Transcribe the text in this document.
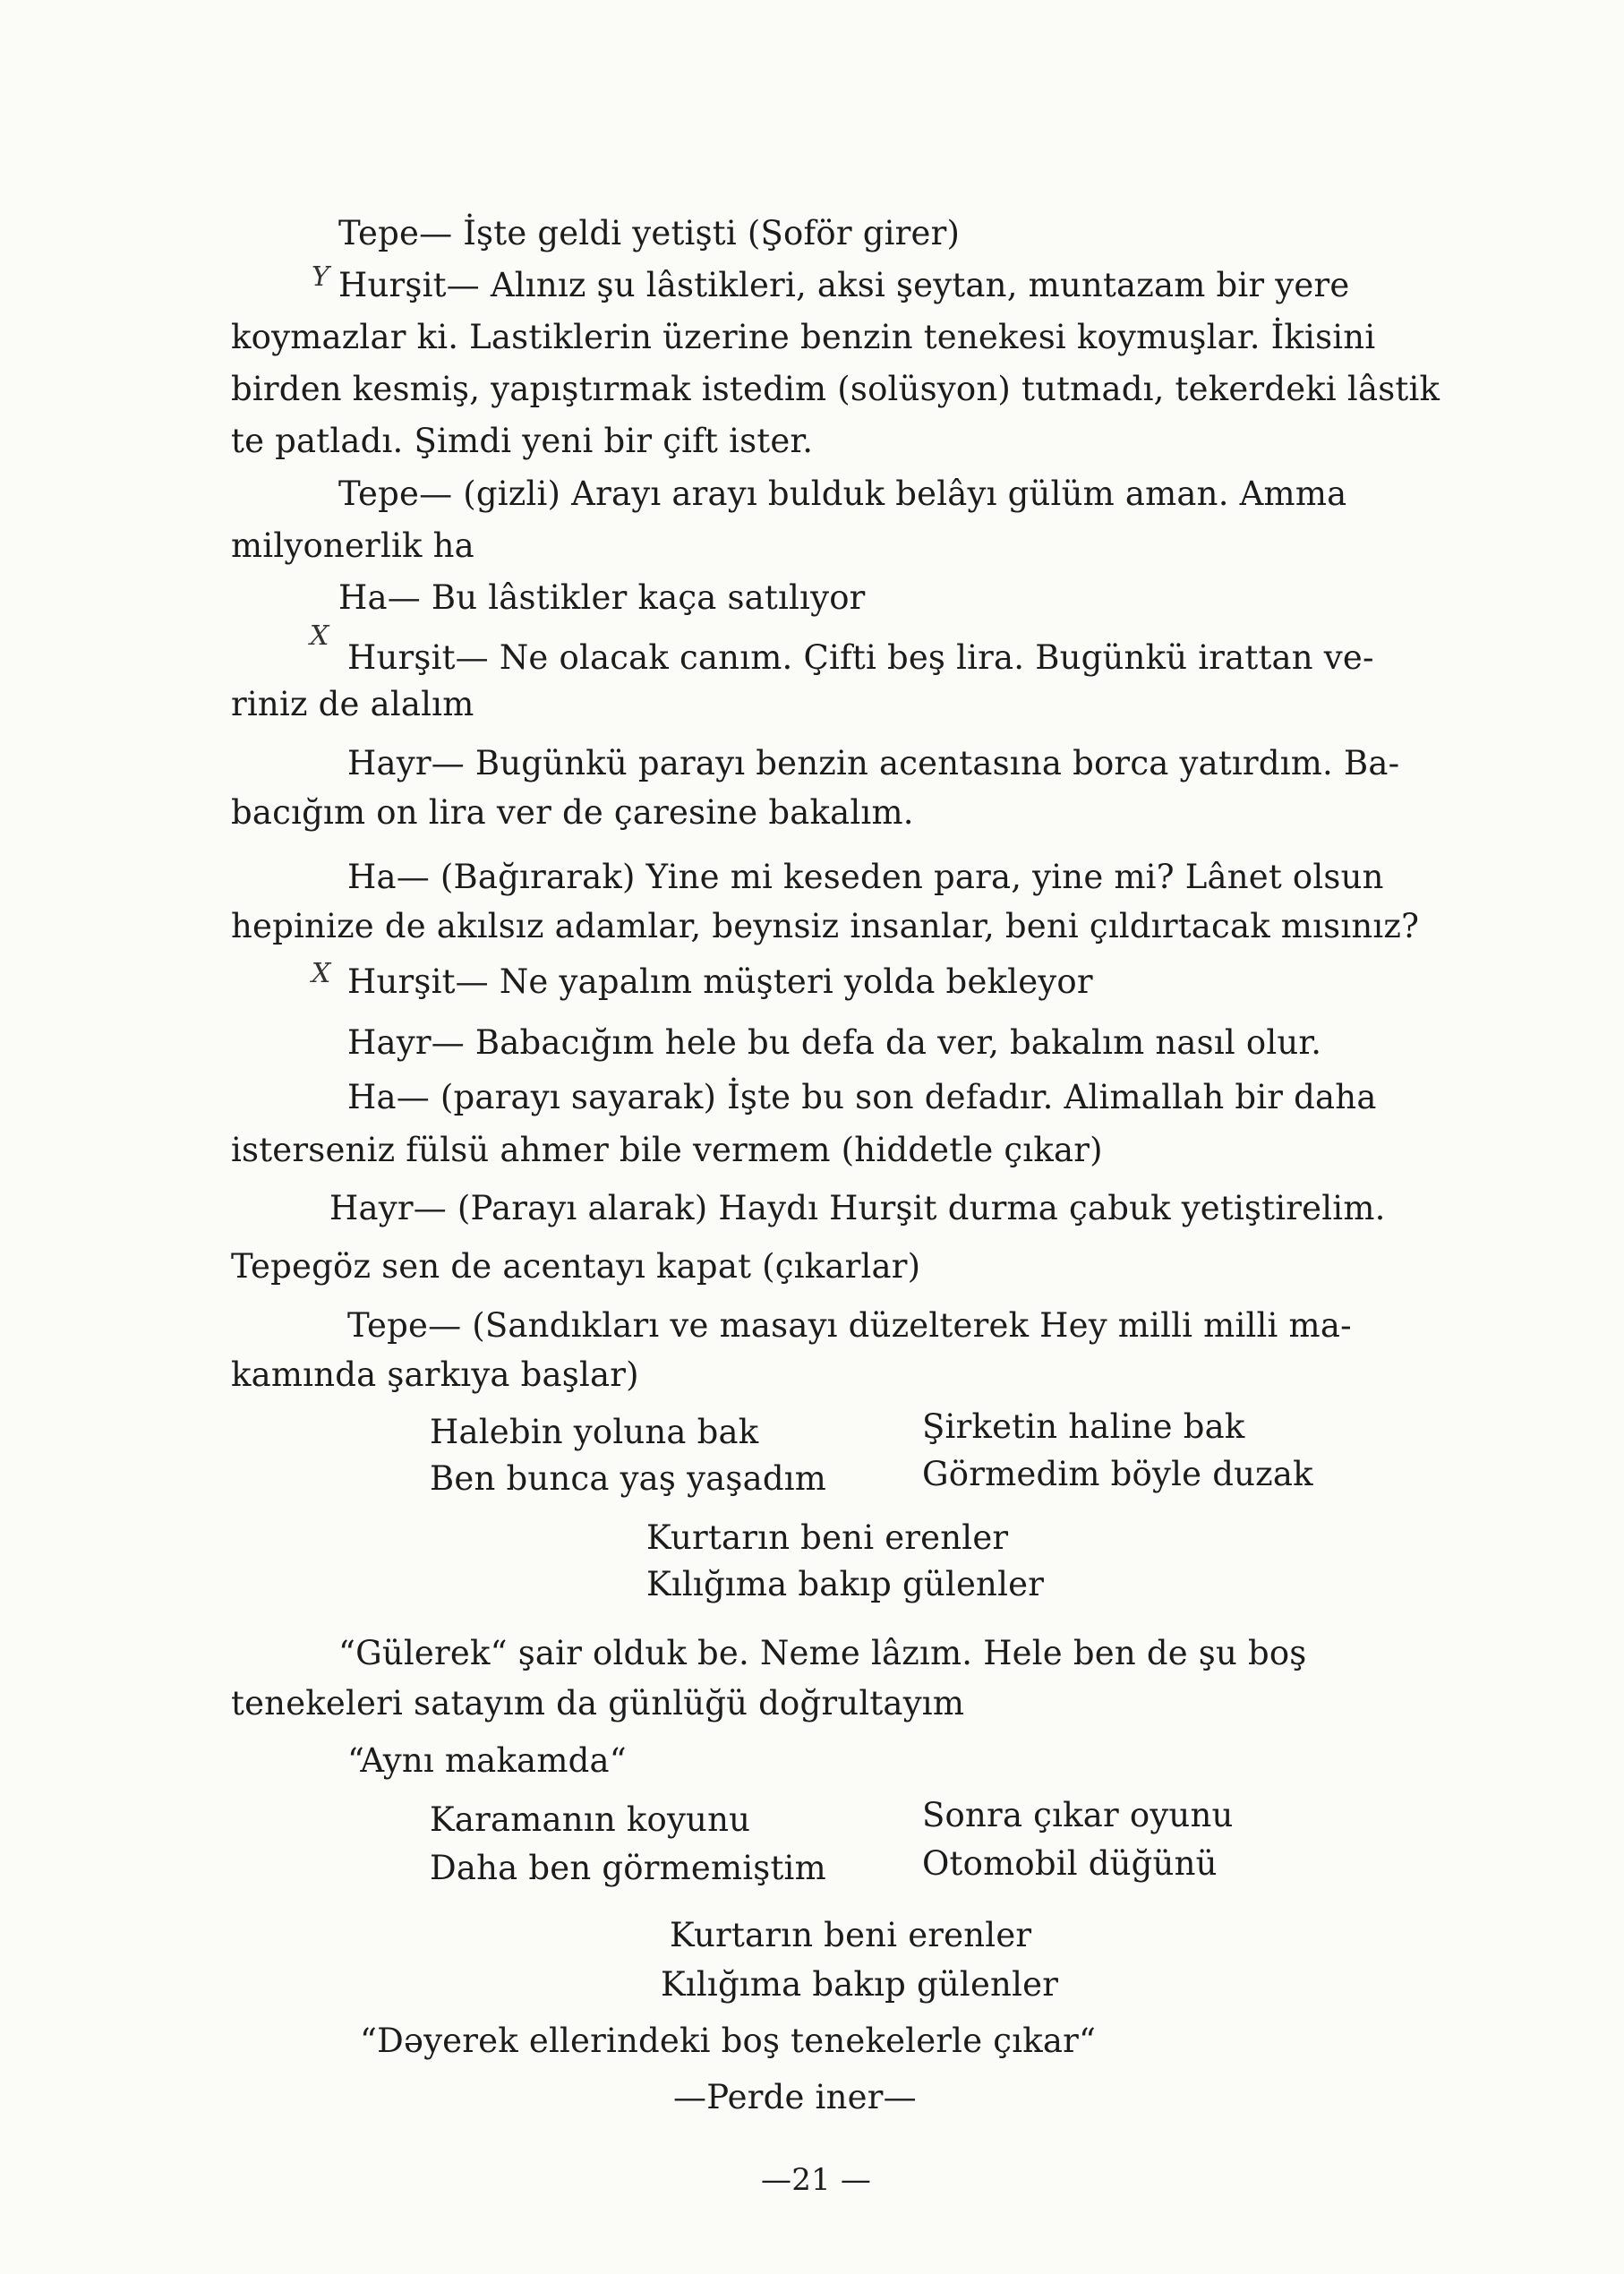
Y
X
X
Tepe— İşte geldi yetişti (Şoför girer)
Hurşit— Alınız şu lâstikleri, aksi şeytan, muntazam bir yere
koymazlar ki. Lastiklerin üzerine benzin tenekesi koymuşlar. İkisini
birden kesmiş, yapıştırmak istedim (solüsyon) tutmadı, tekerdeki lâstik
te patladı. Şimdi yeni bir çift ister.
Tepe— (gizli) Arayı arayı bulduk belâyı gülüm aman. Amma
milyonerlik ha
Ha— Bu lâstikler kaça satılıyor
Hurşit— Ne olacak canım. Çifti beş lira. Bugünkü irattan ve-
riniz de alalım
Hayr— Bugünkü parayı benzin acentasına borca yatırdım. Ba-
bacığım on lira ver de çaresine bakalım.
Ha— (Bağırarak) Yine mi keseden para, yine mi? Lânet olsun
hepinize de akılsız adamlar, beynsiz insanlar, beni çıldırtacak mısınız?
Hurşit— Ne yapalım müşteri yolda bekleyor
Hayr— Babacığım hele bu defa da ver, bakalım nasıl olur.
Ha— (parayı sayarak) İşte bu son defadır. Alimallah bir daha
isterseniz fülsü ahmer bile vermem (hiddetle çıkar)
Hayr— (Parayı alarak) Haydı Hurşit durma çabuk yetiştirelim.
Tepegöz sen de acentayı kapat (çıkarlar)
Tepe— (Sandıkları ve masayı düzelterek Hey milli milli ma-
kamında şarkıya başlar)
Halebin yoluna bak	Şirketin haline bak
Ben bunca yaş yaşadım	Görmedim böyle duzak
Kurtarın beni erenler
Kılığıma bakıp gülenler
“Gülerek“ şair olduk be. Neme lâzım. Hele ben de şu boş
tenekeleri satayım da günlüğü doğrultayım
“Aynı makamda“
Karamanın koyunu	Sonra çıkar oyunu
Daha ben görmemiştim	Otomobil düğünü
Kurtarın beni erenler
Kılığıma bakıp gülenler
“Dəyerek ellerindeki boş tenekelerle çıkar“
—Perde iner—
—21 —
